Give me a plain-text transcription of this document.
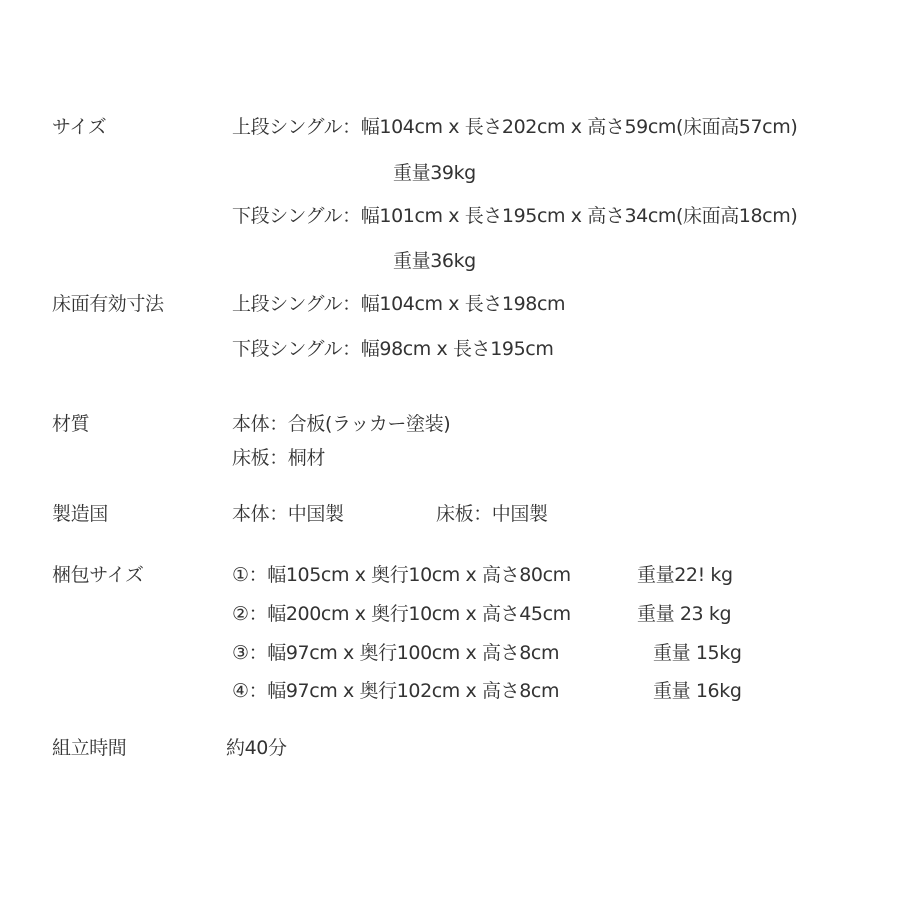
サイズ	上段シングル：幅104cm x 長さ202cm x 高さ59cm(床面高57cm)
重量39kg
下段シングル：幅101cm x 長さ195cm x 高さ34cm(床面高18cm)
重量36kg
床面有効寸法	上段シングル：幅104cm x 長さ198cm
下段シングル：幅98cm x 長さ195cm
材質	本体：合板(ラッカー塗装)
床板：桐材
製造国	本体：中国製	床板：中国製
梱包サイズ	①：幅105cm x 奥行10cm x 高さ80cm	重量22! kg
②：幅200cm x 奥行10cm x 高さ45cm	重量 23 kg
③：幅97cm x 奥行100cm x 高さ8cm	重量 15kg
④：幅97cm x 奥行102cm x 高さ8cm	重量 16kg
組立時間	約40分
